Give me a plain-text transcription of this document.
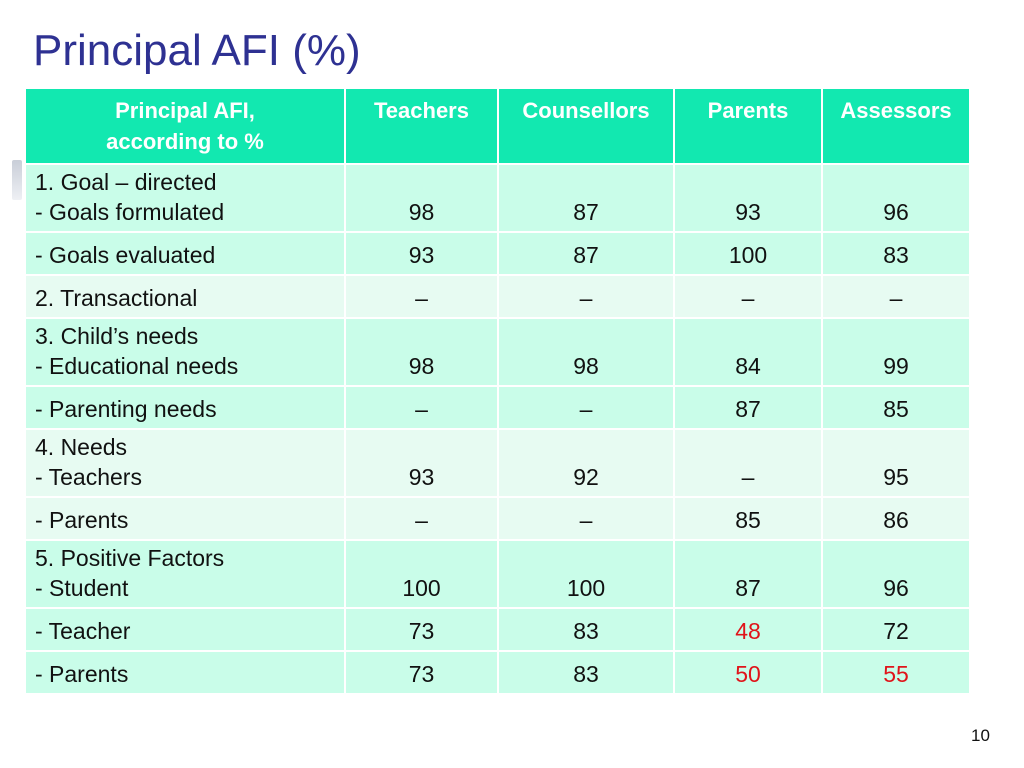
Principal AFI (%)
Principal AFI,
according to %	Teachers	Counsellors	Parents	Assessors
1. Goal – directed
- Goals formulated	98	87	93	96
- Goals evaluated	93	87	100	83
2. Transactional	–	–	–	–
3. Child’s needs
- Educational needs	98	98	84	99
- Parenting needs	–	–	87	85
4. Needs
- Teachers	93	92	–	95
- Parents	–	–	85	86
5. Positive Factors
- Student	100	100	87	96
- Teacher	73	83	48	72
- Parents	73	83	50	55
10
